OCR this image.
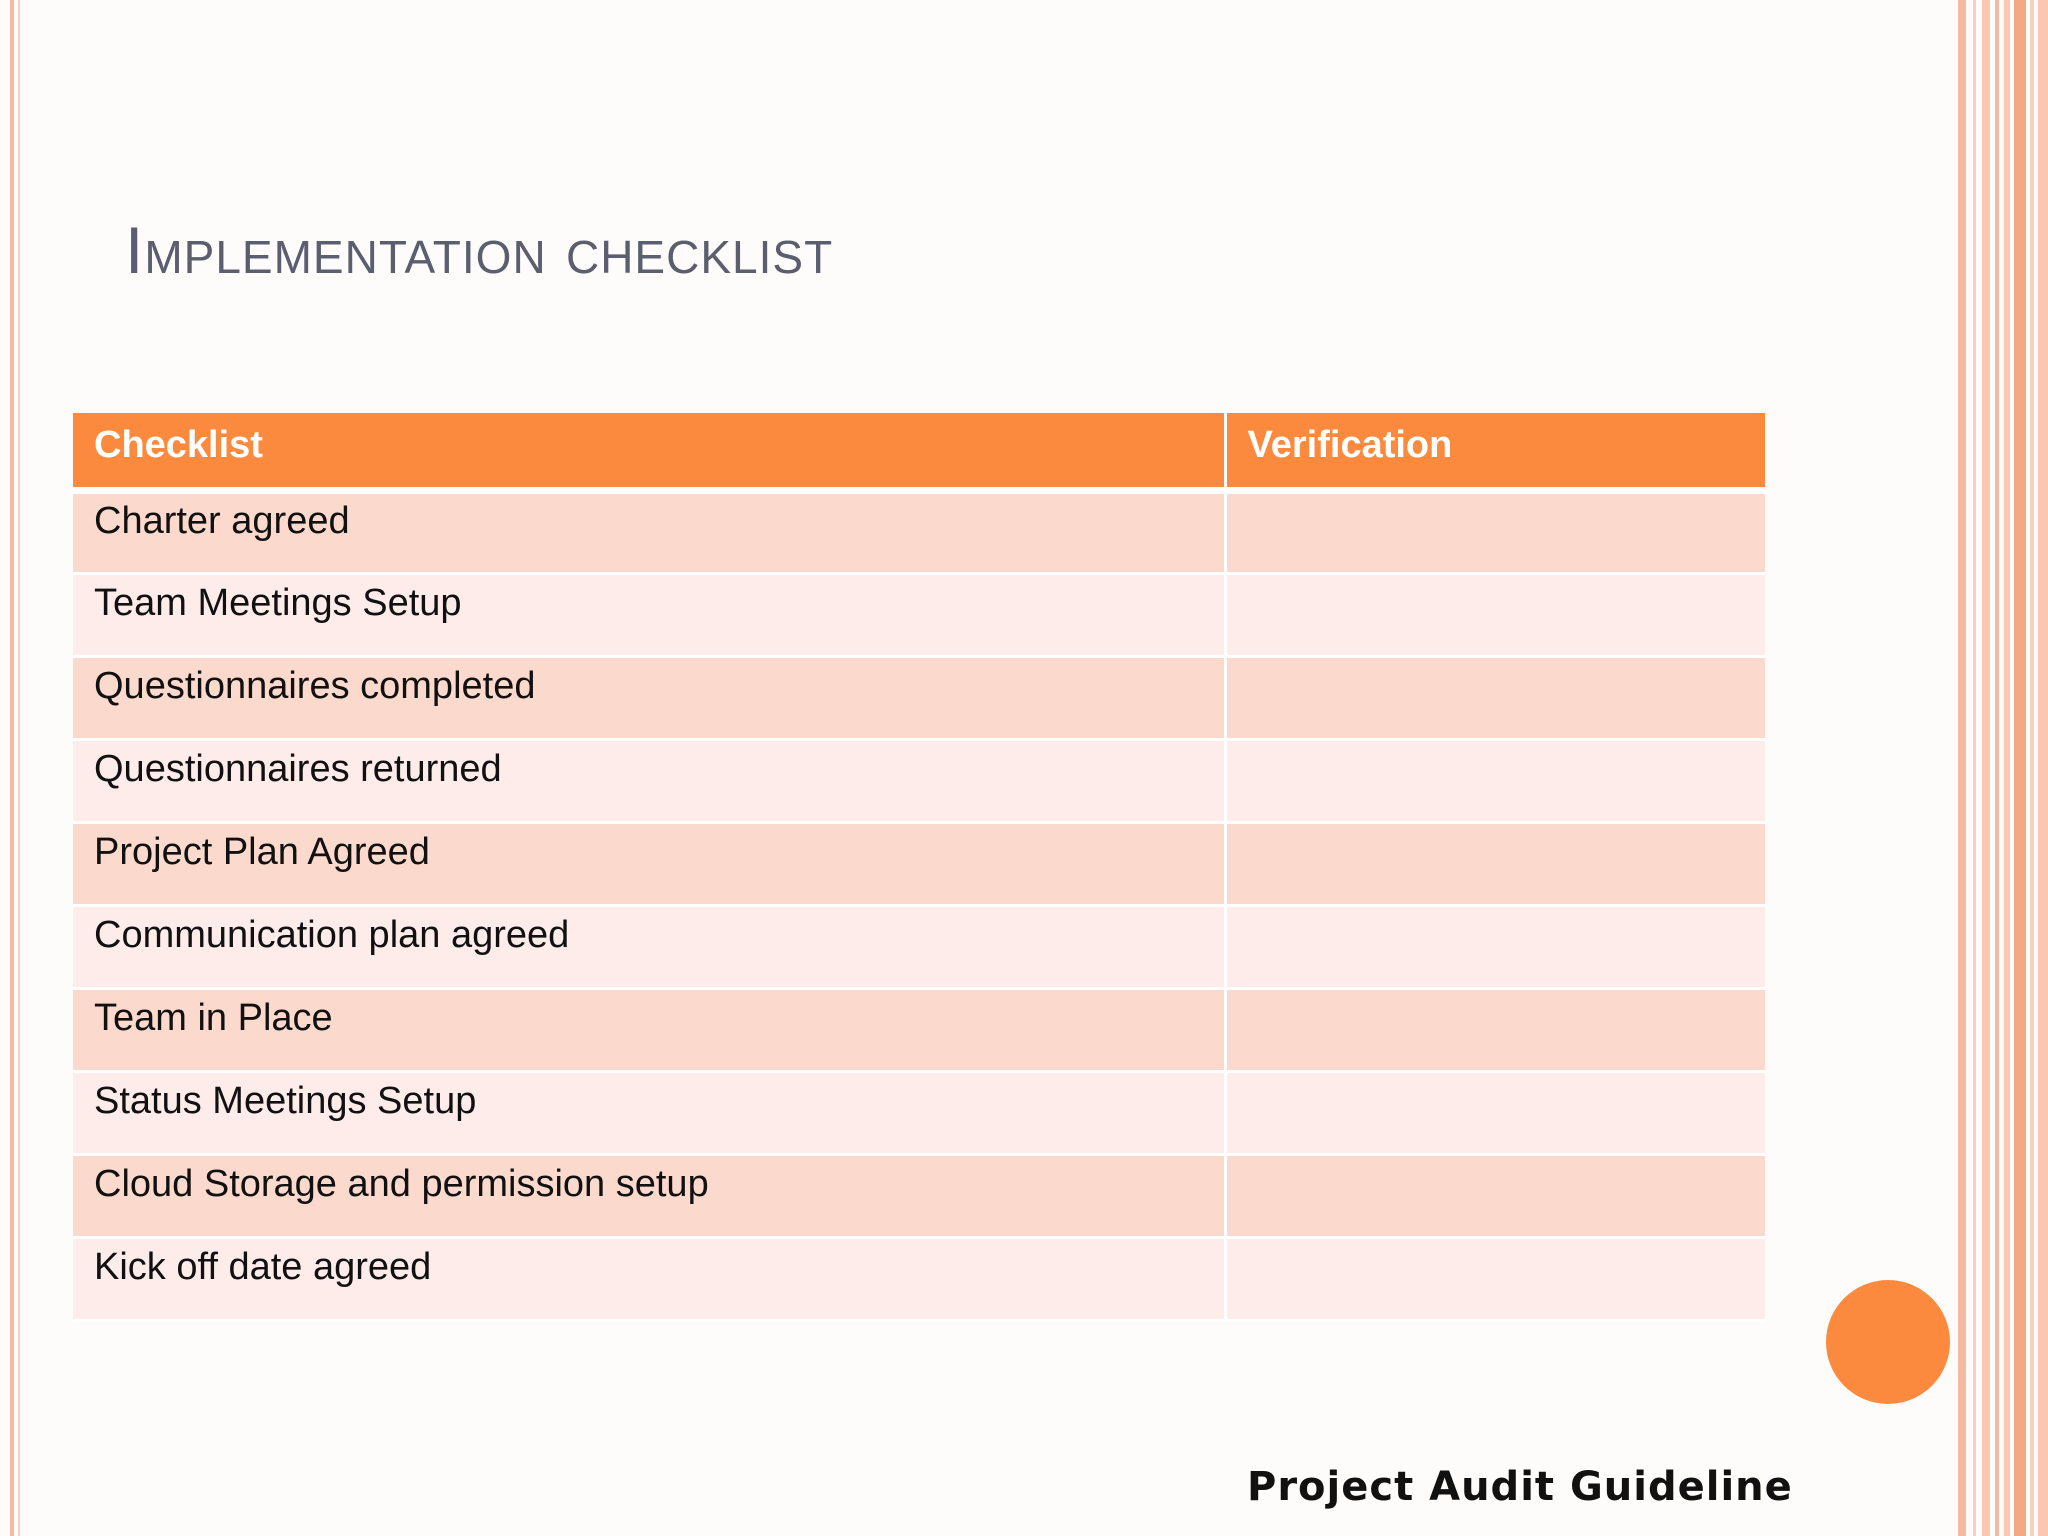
Implementation checklist
Checklist	Verification
Charter agreed	
Team Meetings Setup	
Questionnaires completed	
Questionnaires returned	
Project Plan Agreed	
Communication plan agreed	
Team in Place	
Status Meetings Setup	
Cloud Storage and permission setup	
Kick off date agreed	
Project Audit Guideline
